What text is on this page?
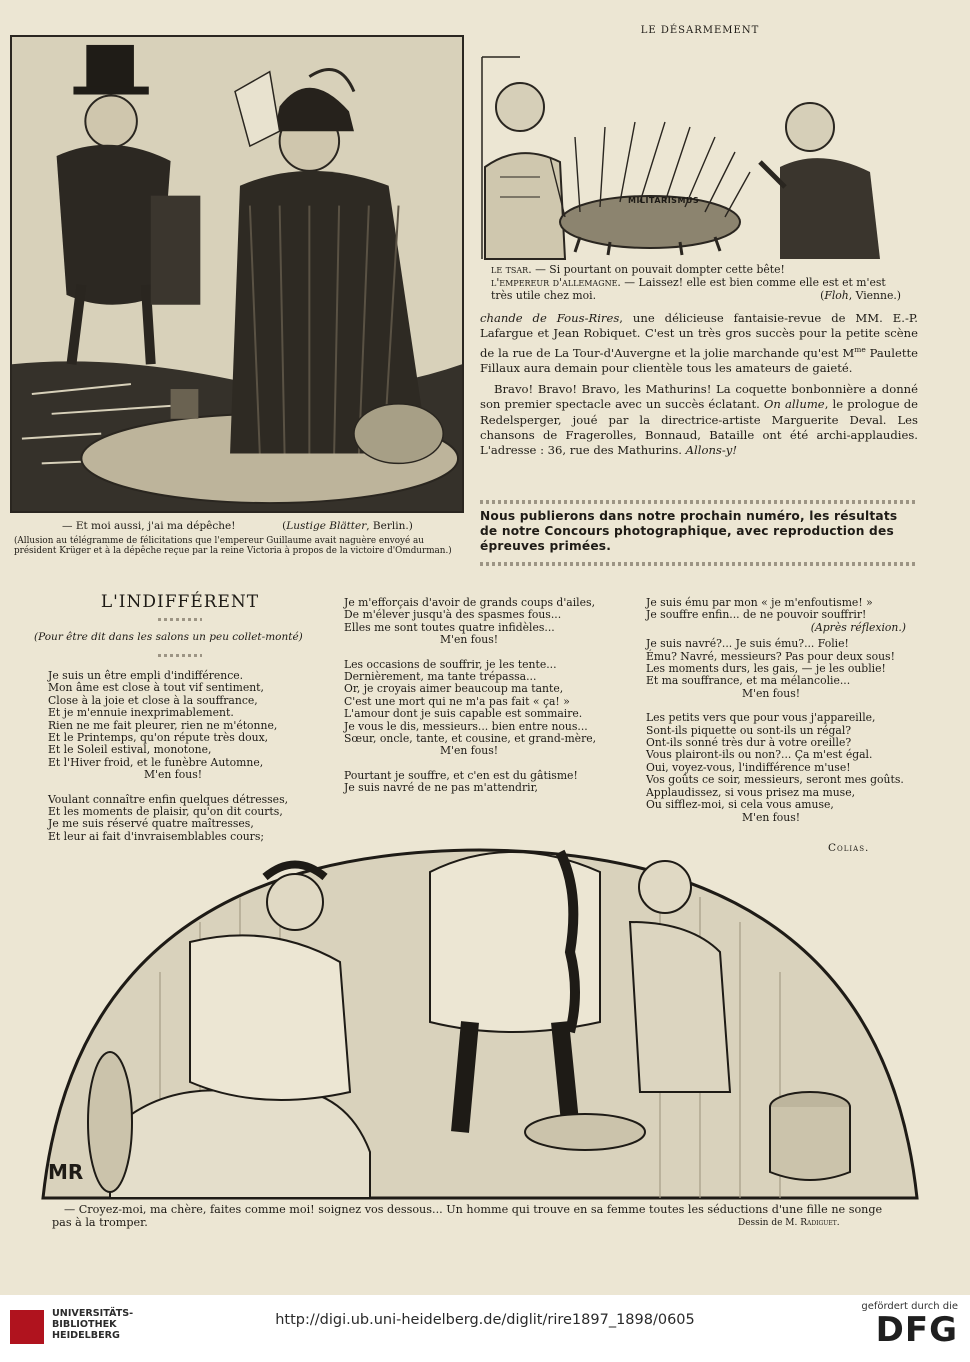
LE DÉSARMEMENT
— Et moi aussi, j'ai ma dépêche!	(Lustige Blätter, Berlin.)
(Allusion au télégramme de félicitations que l'empereur Guillaume avait naguère envoyé au président Krüger et à la dépêche reçue par la reine Victoria à propos de la victoire d'Omdurman.)
MILITARISMUS
le tsar. — Si pourtant on pouvait dompter cette bête!
l'empereur d'allemagne. — Laissez! elle est bien comme elle est et m'est très utile chez moi.	(Floh, Vienne.)

chande de Fous-Rires, une délicieuse fantaisie-revue de MM. E.-P. Lafargue et Jean Robiquet. C'est un très gros succès pour la petite scène de la rue de La Tour-d'Auvergne et la jolie marchande qu'est $M^{me}$ Paulette Fillaux aura demain pour clientèle tous les amateurs de gaieté.

Bravo! Bravo! Bravo, les Mathurins! La coquette bonbonnière a donné son premier spectacle avec un succès éclatant. On allume, le prologue de Redelsperger, joué par la directrice-artiste Marguerite Deval. Les chansons de Fragerolles, Bonnaud, Bataille ont été archi-applaudies. L'adresse : 36, rue des Mathurins. Allons-y!

Nous publierons dans notre prochain numéro, les résultats
de notre Concours photographique, avec reproduction des
épreuves primées.
L'INDIFFÉRENT
(Pour être dit dans les salons un peu collet-monté)
Je suis un être empli d'indifférence.
Mon âme est close à tout vif sentiment,
Close à la joie et close à la souffrance,
Et je m'ennuie inexprimablement.
Rien ne me fait pleurer, rien ne m'étonne,
Et le Printemps, qu'on répute très doux,
Et le Soleil estival, monotone,
Et l'Hiver froid, et le funèbre Automne,
M'en fous!
Voulant connaître enfin quelques détresses,
Et les moments de plaisir, qu'on dit courts,
Je me suis réservé quatre maîtresses,
Et leur ai fait d'invraisemblables cours;
Je m'efforçais d'avoir de grands coups d'ailes,
De m'élever jusqu'à des spasmes fous...
Elles me sont toutes quatre infidèles...
M'en fous!
Les occasions de souffrir, je les tente...
Dernièrement, ma tante trépassa...
Or, je croyais aimer beaucoup ma tante,
C'est une mort qui ne m'a pas fait « ça! »
L'amour dont je suis capable est sommaire.
Je vous le dis, messieurs... bien entre nous...
Sœur, oncle, tante, et cousine, et grand-mère,
M'en fous!
Pourtant je souffre, et c'en est du gâtisme!
Je suis navré de ne pas m'attendrir,
Je suis ému par mon « je m'enfoutisme! »
Je souffre enfin... de ne pouvoir souffrir!
(Après réflexion.)
Je suis navré?... Je suis ému?... Folie!
Ému? Navré, messieurs? Pas pour deux sous!
Les moments durs, les gais, — je les oublie!
Et ma souffrance, et ma mélancolie...
M'en fous!
Les petits vers que pour vous j'appareille,
Sont-ils piquette ou sont-ils un régal?
Ont-ils sonné très dur à votre oreille?
Vous plairont-ils ou non?... Ça m'est égal.
Oui, voyez-vous, l'indifférence m'use!
Vos goûts ce soir, messieurs, seront mes goûts.
Applaudissez, si vous prisez ma muse,
Ou sifflez-moi, si cela vous amuse,
M'en fous!
Colias.
MR
— Croyez-moi, ma chère, faites comme moi! soignez vos dessous... Un homme qui trouve en sa femme toutes les séductions d'une fille ne songe pas à la tromper.	Dessin de M. Radiguet.
UNIVERSITÄTS-
BIBLIOTHEK
HEIDELBERG
http://digi.ub.uni-heidelberg.de/diglit/rire1897_1898/0605
gefördert durch die
DFG
